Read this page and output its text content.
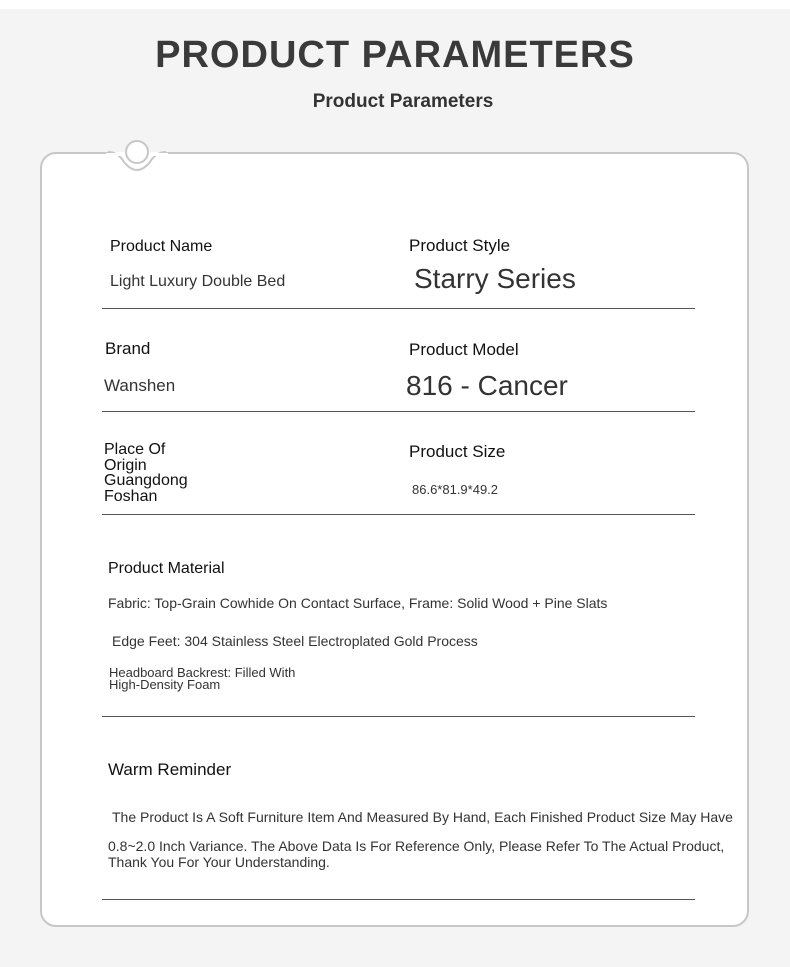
PRODUCT PARAMETERS
Product Parameters
Product Name
Light Luxury Double Bed
Product Style
Starry Series
Brand
Wanshen
Product Model
816 - Cancer
Place Of
Origin
Guangdong
Foshan
Product Size
86.6*81.9*49.2
Product Material
Fabric: Top-Grain Cowhide On Contact Surface, Frame: Solid Wood + Pine Slats
Edge Feet: 304 Stainless Steel Electroplated Gold Process
Headboard Backrest: Filled With
High-Density Foam
Warm Reminder
The Product Is A Soft Furniture Item And Measured By Hand, Each Finished Product Size May Have
0.8~2.0 Inch Variance. The Above Data Is For Reference Only, Please Refer To The Actual Product,
Thank You For Your Understanding.
